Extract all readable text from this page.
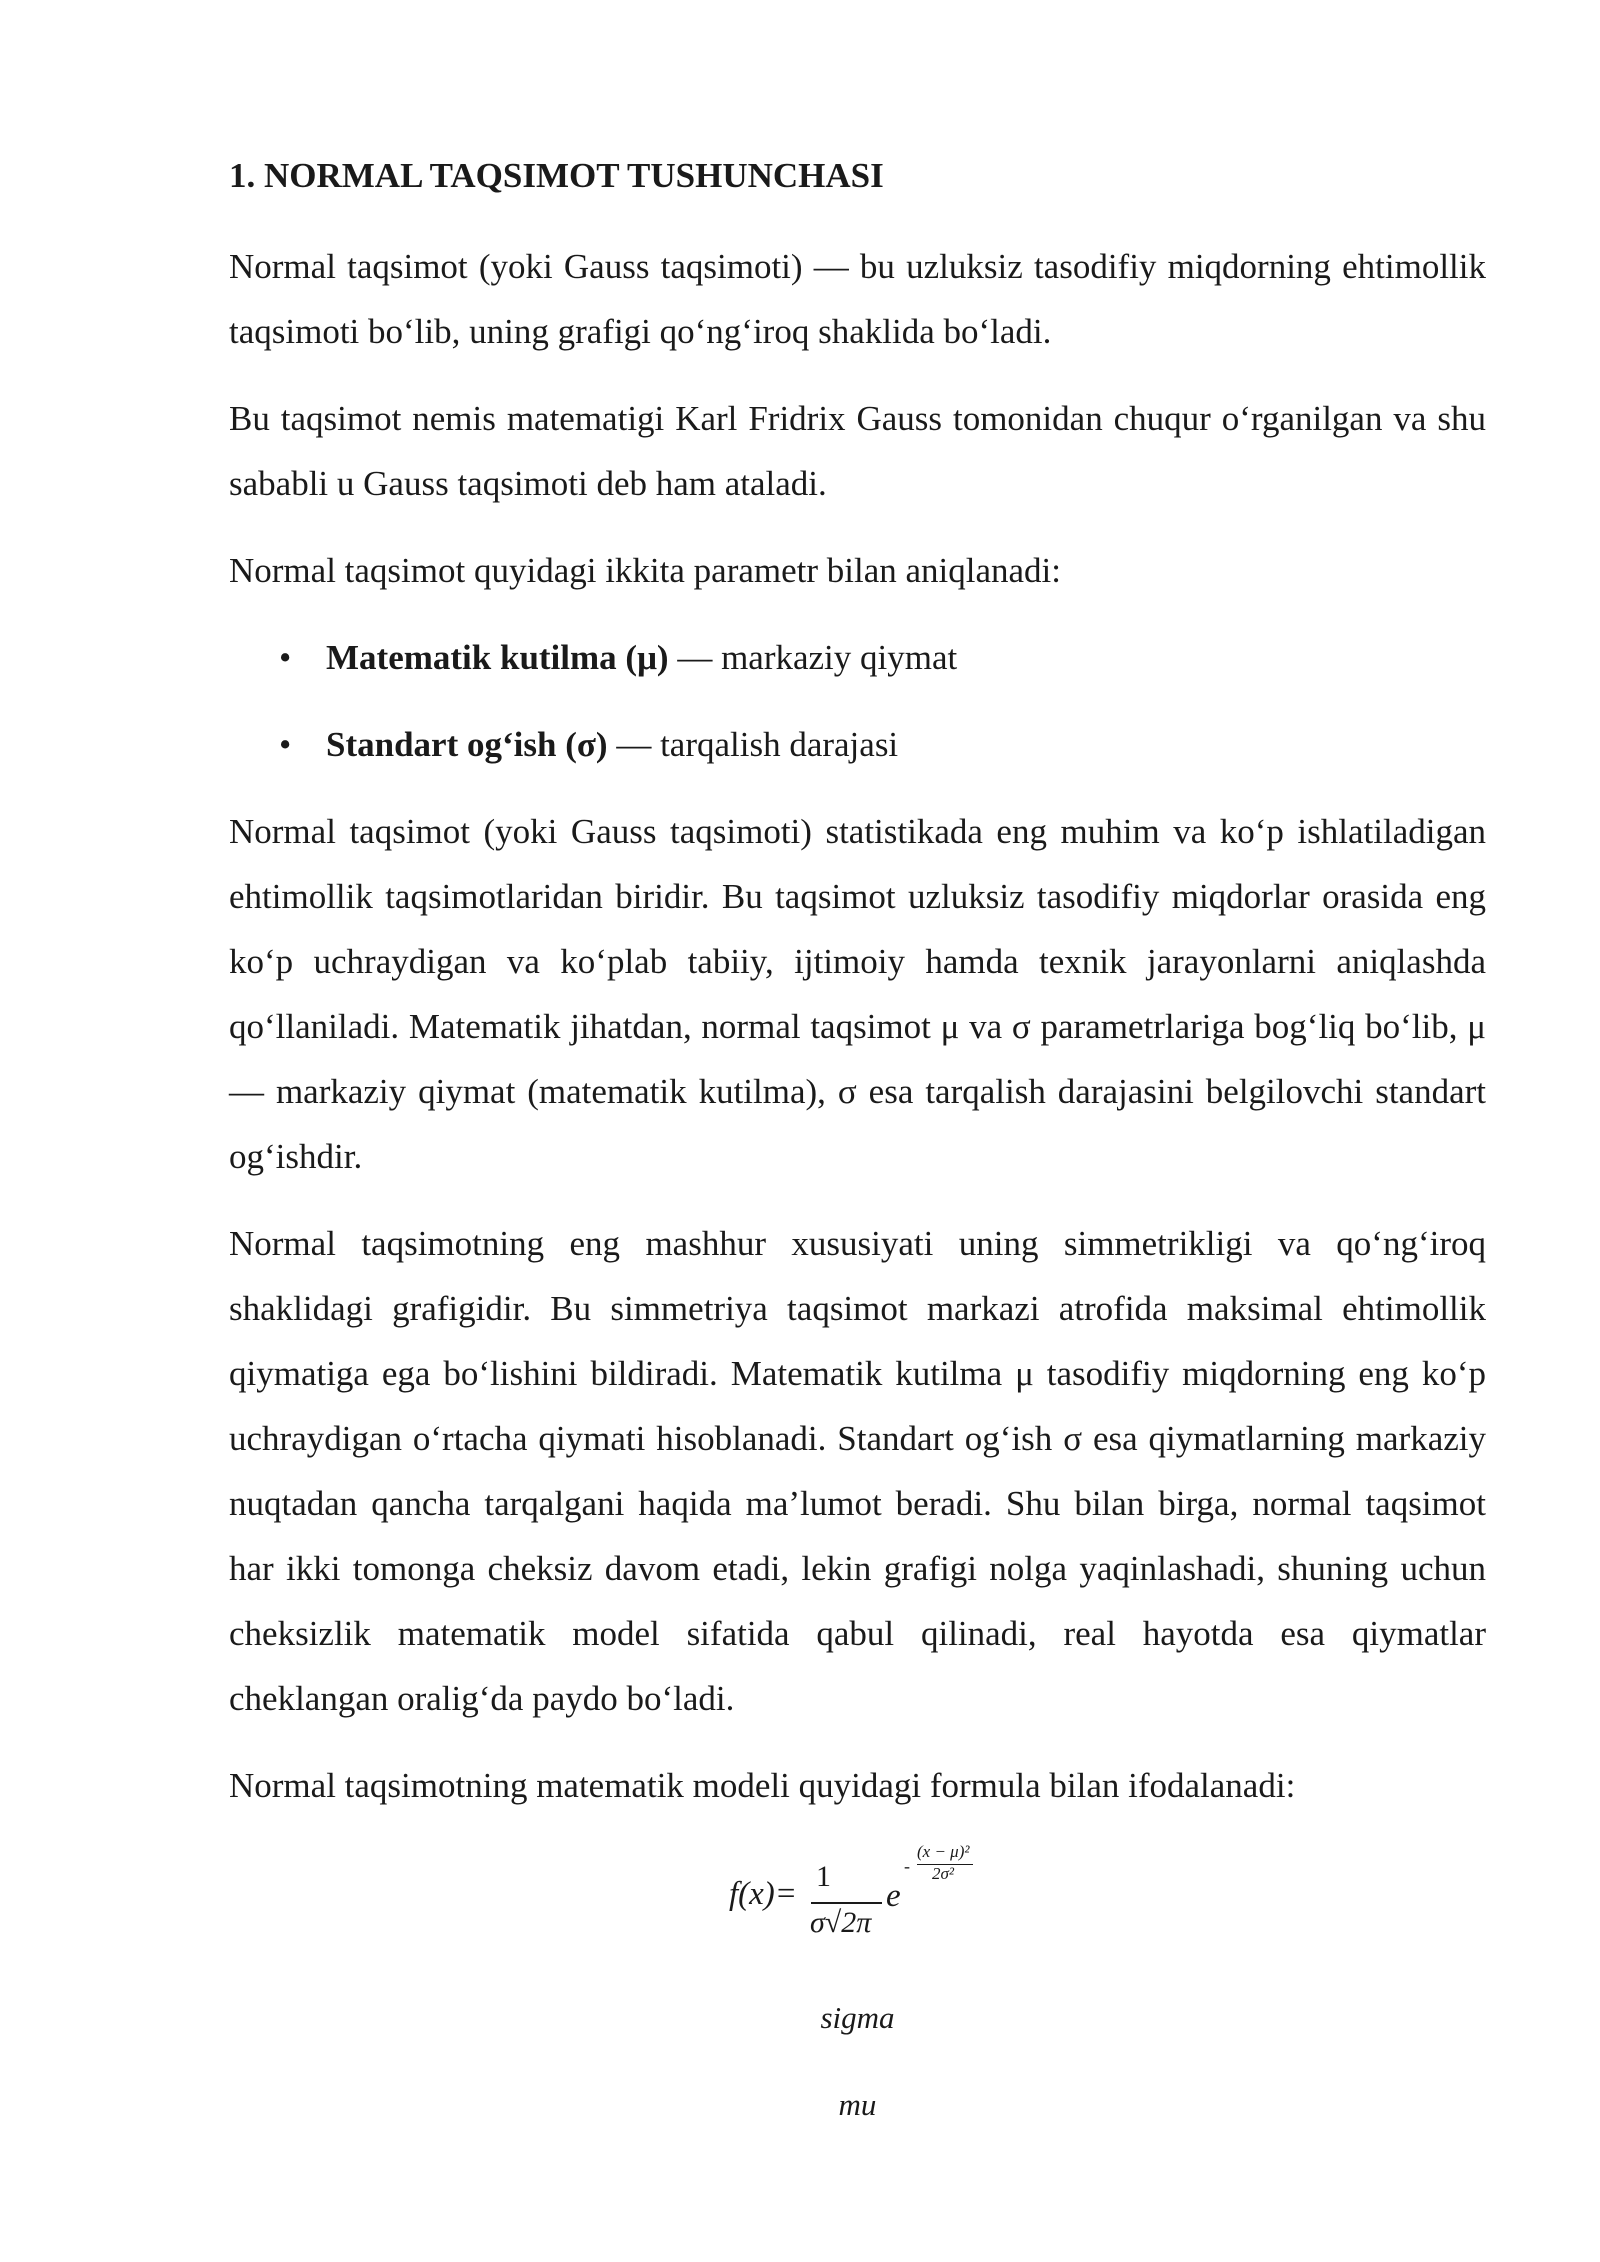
1. NORMAL TAQSIMOT TUSHUNCHASI

Normal taqsimot (yoki Gauss taqsimoti) — bu uzluksiz tasodifiy miqdorning ehtimollik taqsimoti bo‘lib, uning grafigi qo‘ng‘iroq shaklida bo‘ladi.

Bu taqsimot nemis matematigi Karl Fridrix Gauss tomonidan chuqur o‘rganilgan va shu sababli u Gauss taqsimoti deb ham ataladi.

Normal taqsimot quyidagi ikkita parametr bilan aniqlanadi:

• Matematik kutilma (μ) — markaziy qiymat
• Standart og‘ish (σ) — tarqalish darajasi

Normal taqsimot (yoki Gauss taqsimoti) statistikada eng muhim va ko‘p ishlatiladigan ehtimollik taqsimotlaridan biridir. Bu taqsimot uzluksiz tasodifiy miqdorlar orasida eng ko‘p uchraydigan va ko‘plab tabiiy, ijtimoiy hamda texnik jarayonlarni aniqlashda qo‘llaniladi. Matematik jihatdan, normal taqsimot μ va σ parametrlariga bog‘liq bo‘lib, μ — markaziy qiymat (matematik kutilma), σ esa tarqalish darajasini belgilovchi standart og‘ishdir.

Normal taqsimotning eng mashhur xususiyati uning simmetrikligi va qo‘ng‘iroq shaklidagi grafigidir. Bu simmetriya taqsimot markazi atrofida maksimal ehtimollik qiymatiga ega bo‘lishini bildiradi. Matematik kutilma μ tasodifiy miqdorning eng ko‘p uchraydigan o‘rtacha qiymati hisoblanadi. Standart og‘ish σ esa qiymatlarning markaziy nuqtadan qancha tarqalgani haqida ma’lumot beradi. Shu bilan birga, normal taqsimot har ikki tomonga cheksiz davom etadi, lekin grafigi nolga yaqinlashadi, shuning uchun cheksizlik matematik model sifatida qabul qilinadi, real hayotda esa qiymatlar cheklangan oralig‘da paydo bo‘ladi.

Normal taqsimotning matematik modeli quyidagi formula bilan ifodalanadi:

f(x)= 1
σ√2π
e
-
(x − μ)²
2σ²

sigma

mu
